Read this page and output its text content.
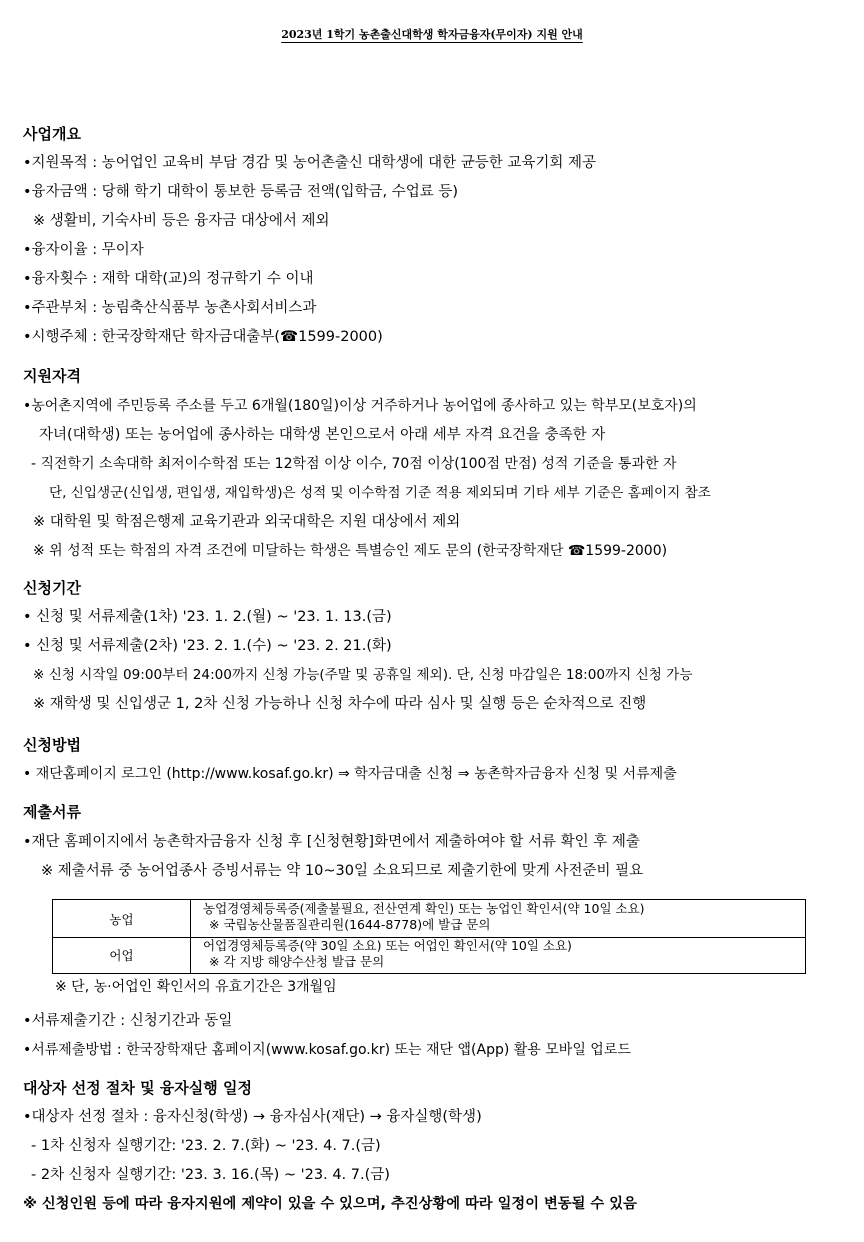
2023년 1학기 농촌출신대학생 학자금융자(무이자) 지원 안내
사업개요
•지원목적 : 농어업인 교육비 부담 경감 및 농어촌출신 대학생에 대한 균등한 교육기회 제공
•융자금액 : 당해 학기 대학이 통보한 등록금 전액(입학금, 수업료 등)
※ 생활비, 기숙사비 등은 융자금 대상에서 제외
•융자이율 : 무이자
•융자횟수 : 재학 대학(교)의 정규학기 수 이내
•주관부처 : 농림축산식품부 농촌사회서비스과
•시행주체 : 한국장학재단 학자금대출부(☎1599-2000)
지원자격
•농어촌지역에 주민등록 주소를 두고 6개월(180일)이상 거주하거나 농어업에 종사하고 있는 학부모(보호자)의
자녀(대학생) 또는 농어업에 종사하는 대학생 본인으로서 아래 세부 자격 요건을 충족한 자
- 직전학기 소속대학 최저이수학점 또는 12학점 이상 이수, 70점 이상(100점 만점) 성적 기준을 통과한 자
단, 신입생군(신입생, 편입생, 재입학생)은 성적 및 이수학점 기준 적용 제외되며 기타 세부 기준은 홈페이지 참조
※ 대학원 및 학점은행제 교육기관과 외국대학은 지원 대상에서 제외
※ 위 성적 또는 학점의 자격 조건에 미달하는 학생은 특별승인 제도 문의 (한국장학재단 ☎1599-2000)
신청기간
• 신청 및 서류제출(1차) '23. 1. 2.(월) ~ '23. 1. 13.(금)
• 신청 및 서류제출(2차) '23. 2. 1.(수) ~ '23. 2. 21.(화)
※ 신청 시작일 09:00부터 24:00까지 신청 가능(주말 및 공휴일 제외). 단, 신청 마감일은 18:00까지 신청 가능
※ 재학생 및 신입생군 1, 2차 신청 가능하나 신청 차수에 따라 심사 및 실행 등은 순차적으로 진행
신청방법
• 재단홈페이지 로그인 (http://www.kosaf.go.kr) ⇒ 학자금대출 신청 ⇒ 농촌학자금융자 신청 및 서류제출
제출서류
•재단 홈페이지에서 농촌학자금융자 신청 후 [신청현황]화면에서 제출하여야 할 서류 확인 후 제출
※ 제출서류 중 농어업종사 증빙서류는 약 10~30일 소요되므로 제출기한에 맞게 사전준비 필요
농업
농업경영체등록증(제출불필요, 전산연계 확인) 또는 농업인 확인서(약 10일 소요)
※ 국립농산물품질관리원(1644-8778)에 발급 문의
어업
어업경영체등록증(약 30일 소요) 또는 어업인 확인서(약 10일 소요)
※ 각 지방 해양수산청 발급 문의
※ 단, 농·어업인 확인서의 유효기간은 3개월임
•서류제출기간 : 신청기간과 동일
•서류제출방법 : 한국장학재단 홈페이지(www.kosaf.go.kr) 또는 재단 앱(App) 활용 모바일 업로드
대상자 선정 절차 및 융자실행 일정
•대상자 선정 절차 : 융자신청(학생) → 융자심사(재단) → 융자실행(학생)
- 1차 신청자 실행기간: '23. 2. 7.(화) ~ '23. 4. 7.(금)
- 2차 신청자 실행기간: '23. 3. 16.(목) ~ '23. 4. 7.(금)
※ 신청인원 등에 따라 융자지원에 제약이 있을 수 있으며, 추진상황에 따라 일정이 변동될 수 있음
